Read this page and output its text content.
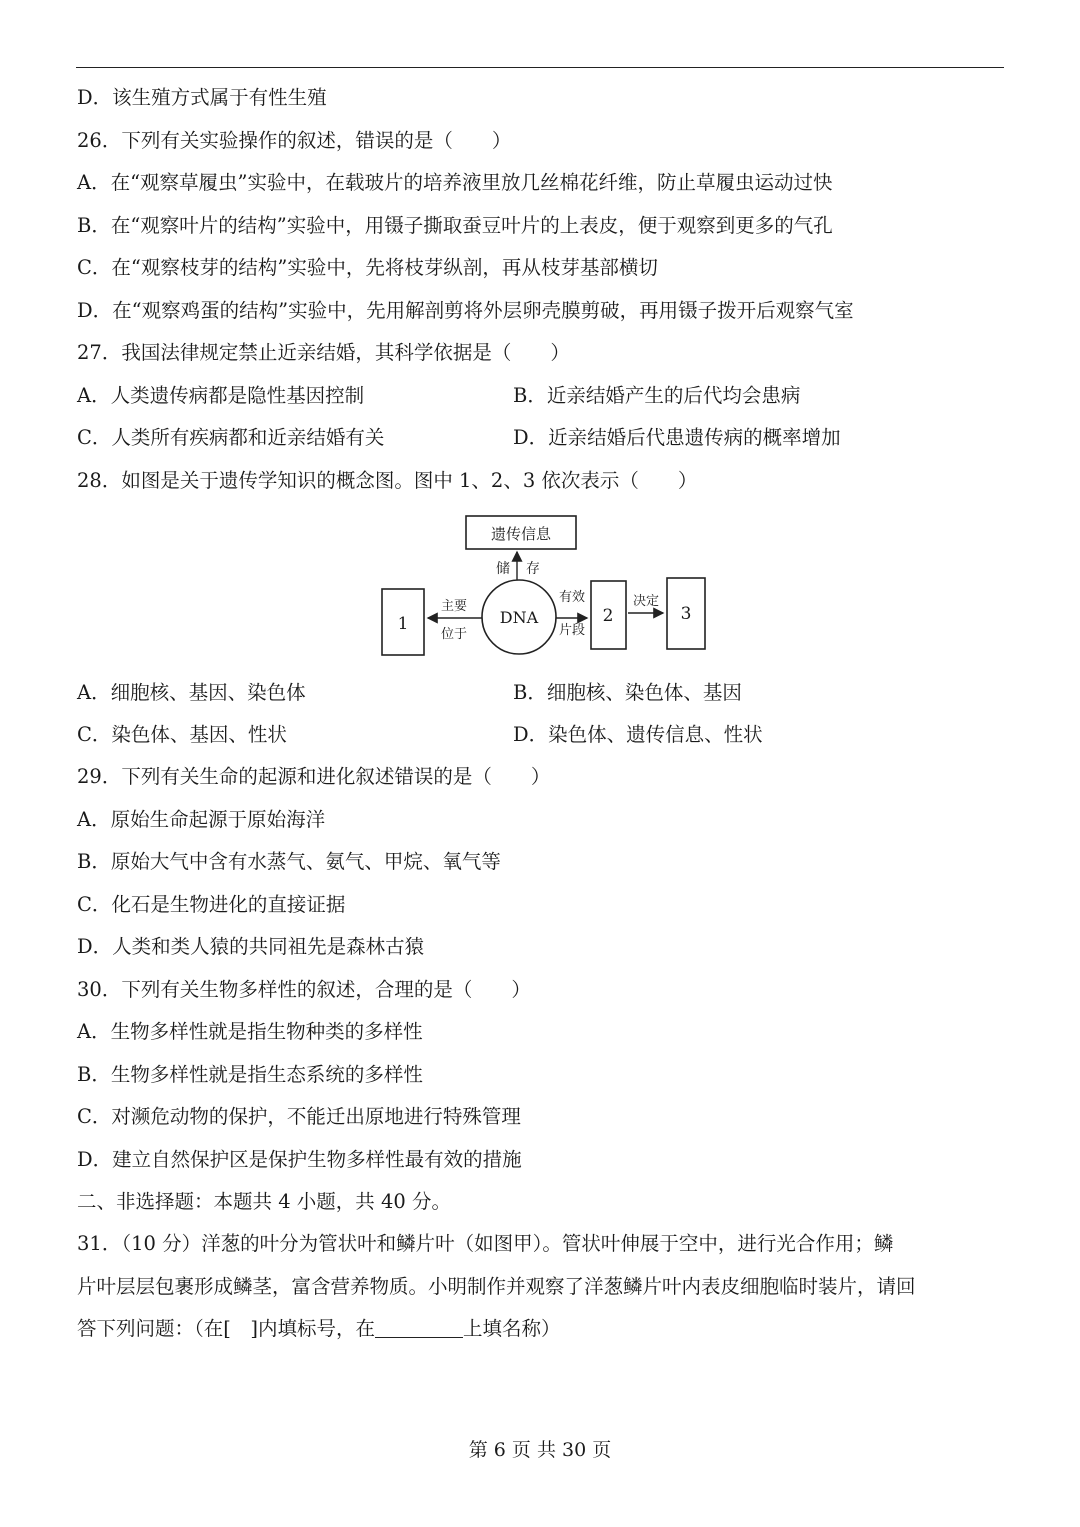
D．该生殖方式属于有性生殖
26．下列有关实验操作的叙述，错误的是（　　）
A．在“观察草履虫”实验中，在载玻片的培养液里放几丝棉花纤维，防止草履虫运动过快
B．在“观察叶片的结构”实验中，用镊子撕取蚕豆叶片的上表皮，便于观察到更多的气孔
C．在“观察枝芽的结构”实验中，先将枝芽纵剖，再从枝芽基部横切
D．在“观察鸡蛋的结构”实验中，先用解剖剪将外层卵壳膜剪破，再用镊子拨开后观察气室
27．我国法律规定禁止近亲结婚，其科学依据是（　　）
A．人类遗传病都是隐性基因控制	B．近亲结婚产生的后代均会患病
C．人类所有疾病都和近亲结婚有关	D．近亲结婚后代患遗传病的概率增加
28．如图是关于遗传学知识的概念图。图中 1、2、3 依次表示（　　）
遗传信息
储 存
DNA
1
主要
位于
有效
片段
2
决定
3
A．细胞核、基因、染色体	B．细胞核、染色体、基因
C．染色体、基因、性状	D．染色体、遗传信息、性状
29．下列有关生命的起源和进化叙述错误的是（　　）
A．原始生命起源于原始海洋
B．原始大气中含有水蒸气、氨气、甲烷、氧气等
C．化石是生物进化的直接证据
D．人类和类人猿的共同祖先是森林古猿
30．下列有关生物多样性的叙述，合理的是（　　）
A．生物多样性就是指生物种类的多样性
B．生物多样性就是指生态系统的多样性
C．对濒危动物的保护，不能迁出原地进行特殊管理
D．建立自然保护区是保护生物多样性最有效的措施
二、非选择题：本题共 4 小题，共 40 分。
31．（10 分）洋葱的叶分为管状叶和鳞片叶（如图甲）。管状叶伸展于空中，进行光合作用；鳞
片叶层层包裹形成鳞茎，富含营养物质。小明制作并观察了洋葱鳞片叶内表皮细胞临时装片，请回
答下列问题：（在[　]内填标号，在	上填名称）
第 6 页 共 30 页
